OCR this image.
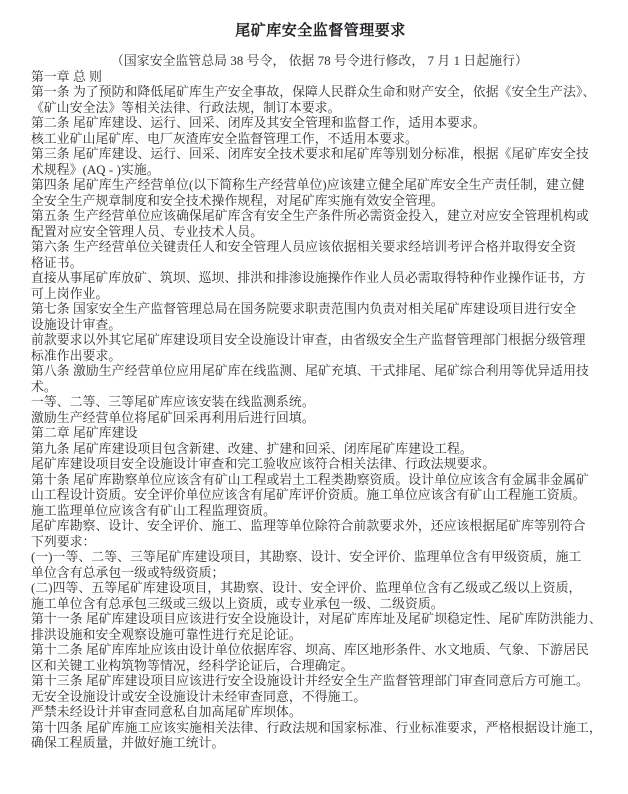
尾矿库安全监督管理要求
（国家安全监管总局 38 号令， 依据 78 号令进行修改， 7 月 1 日起施行）
第一章 总 则
第一条 为了预防和降低尾矿库生产安全事故，保障人民群众生命和财产安全，依据《安全生产法》、
《矿山安全法》等相关法律、行政法规，制订本要求。
第二条 尾矿库建设、运行、回采、闭库及其安全管理和监督工作，适用本要求。
核工业矿山尾矿库、电厂灰渣库安全监督管理工作，不适用本要求。
第三条 尾矿库建设、运行、回采、闭库安全技术要求和尾矿库等别划分标准，根据《尾矿库安全技
术规程》(AQ - )实施。
第四条 尾矿库生产经营单位(以下简称生产经营单位)应该建立健全尾矿库安全生产责任制，建立健
全安全生产规章制度和安全技术操作规程，对尾矿库实施有效安全管理。
第五条 生产经营单位应该确保尾矿库含有安全生产条件所必需资金投入，建立对应安全管理机构或
配置对应安全管理人员、专业技术人员。
第六条 生产经营单位关键责任人和安全管理人员应该依据相关要求经培训考评合格并取得安全资
格证书。
直接从事尾矿库放矿、筑坝、巡坝、排洪和排渗设施操作作业人员必需取得特种作业操作证书，方
可上岗作业。
第七条 国家安全生产监督管理总局在国务院要求职责范围内负责对相关尾矿库建设项目进行安全
设施设计审查。
前款要求以外其它尾矿库建设项目安全设施设计审查，由省级安全生产监督管理部门根据分级管理
标准作出要求。
第八条 激励生产经营单位应用尾矿库在线监测、尾矿充填、干式排尾、尾矿综合利用等优异适用技
术。
一等、二等、三等尾矿库应该安装在线监测系统。
激励生产经营单位将尾矿回采再利用后进行回填。
第二章 尾矿库建设
第九条 尾矿库建设项目包含新建、改建、扩建和回采、闭库尾矿库建设工程。
尾矿库建设项目安全设施设计审查和完工验收应该符合相关法律、行政法规要求。
第十条 尾矿库勘察单位应该含有矿山工程或岩土工程类勘察资质。设计单位应该含有金属非金属矿
山工程设计资质。安全评价单位应该含有尾矿库评价资质。施工单位应该含有矿山工程施工资质。
施工监理单位应该含有矿山工程监理资质。
尾矿库勘察、设计、安全评价、施工、监理等单位除符合前款要求外，还应该根据尾矿库等别符合
下列要求：
(一)一等、二等、三等尾矿库建设项目，其勘察、设计、安全评价、监理单位含有甲级资质，施工
单位含有总承包一级或特级资质；
(二)四等、五等尾矿库建设项目，其勘察、设计、安全评价、监理单位含有乙级或乙级以上资质，
施工单位含有总承包三级或三级以上资质，或专业承包一级、二级资质。
第十一条 尾矿库建设项目应该进行安全设施设计，对尾矿库库址及尾矿坝稳定性、尾矿库防洪能力、
排洪设施和安全观察设施可靠性进行充足论证。
第十二条 尾矿库库址应该由设计单位依据库容、坝高、库区地形条件、水文地质、气象、下游居民
区和关键工业构筑物等情况，经科学论证后，合理确定。
第十三条 尾矿库建设项目应该进行安全设施设计并经安全生产监督管理部门审查同意后方可施工。
无安全设施设计或安全设施设计未经审查同意，不得施工。
严禁未经设计并审查同意私自加高尾矿库坝体。
第十四条 尾矿库施工应该实施相关法律、行政法规和国家标准、行业标准要求，严格根据设计施工，
确保工程质量，并做好施工统计。
